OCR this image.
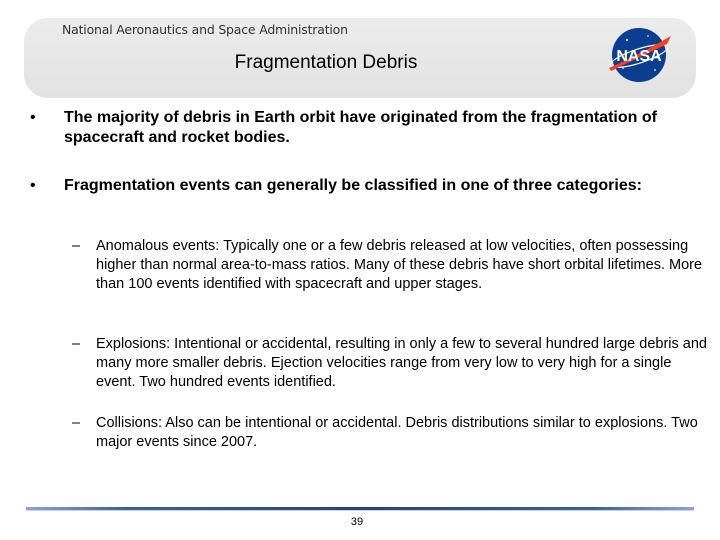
National Aeronautics and Space Administration
Fragmentation Debris	NASA
• The majority of debris in Earth orbit have originated from the fragmentation of spacecraft and rocket bodies.
• Fragmentation events can generally be classified in one of three categories:
– Anomalous events: Typically one or a few debris released at low velocities, often possessing higher than normal area-to-mass ratios. Many of these debris have short orbital lifetimes. More than 100 events identified with spacecraft and upper stages.
– Explosions: Intentional or accidental, resulting in only a few to several hundred large debris and many more smaller debris. Ejection velocities range from very low to very high for a single event. Two hundred events identified.
– Collisions: Also can be intentional or accidental. Debris distributions similar to explosions. Two major events since 2007.
39
